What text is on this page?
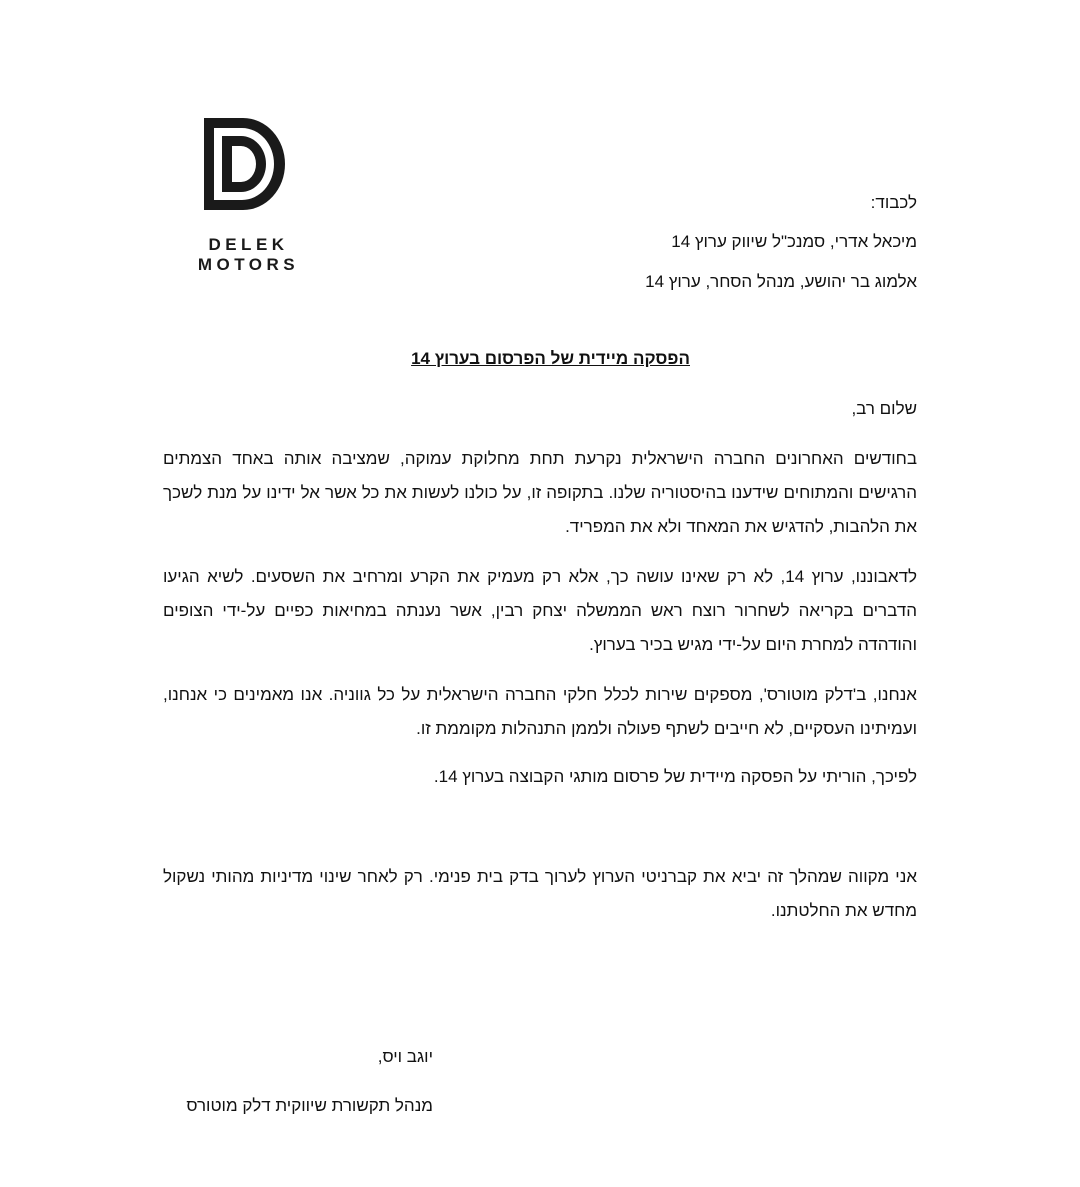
DELEK MOTORS
לכבוד:
מיכאל אדרי, סמנכ"ל שיווק ערוץ 14
אלמוג בר יהושע, מנהל הסחר, ערוץ 14
הפסקה מיידית של הפרסום בערוץ 14
שלום רב,
בחודשים האחרונים החברה הישראלית נקרעת תחת מחלוקת עמוקה, שמציבה אותה באחד הצמתים הרגישים והמתוחים שידענו בהיסטוריה שלנו. בתקופה זו, על כולנו לעשות את כל אשר אל ידינו על מנת לשכך את הלהבות, להדגיש את המאחד ולא את המפריד.
לדאבוננו, ערוץ 14, לא רק שאינו עושה כך, אלא רק מעמיק את הקרע ומרחיב את השסעים. לשיא הגיעו הדברים בקריאה לשחרור רוצח ראש הממשלה יצחק רבין, אשר נענתה במחיאות כפיים על-ידי הצופים והודהדה למחרת היום על-ידי מגיש בכיר בערוץ.
אנחנו, ב'דלק מוטורס', מספקים שירות לכלל חלקי החברה הישראלית על כל גווניה. אנו מאמינים כי אנחנו, ועמיתינו העסקיים, לא חייבים לשתף פעולה ולממן התנהלות מקוממת זו.
לפיכך, הוריתי על הפסקה מיידית של פרסום מותגי הקבוצה בערוץ 14.
אני מקווה שמהלך זה יביא את קברניטי הערוץ לערוך בדק בית פנימי. רק לאחר שינוי מדיניות מהותי נשקול מחדש את החלטתנו.
יוגב ויס,
מנהל תקשורת שיווקית דלק מוטורס
